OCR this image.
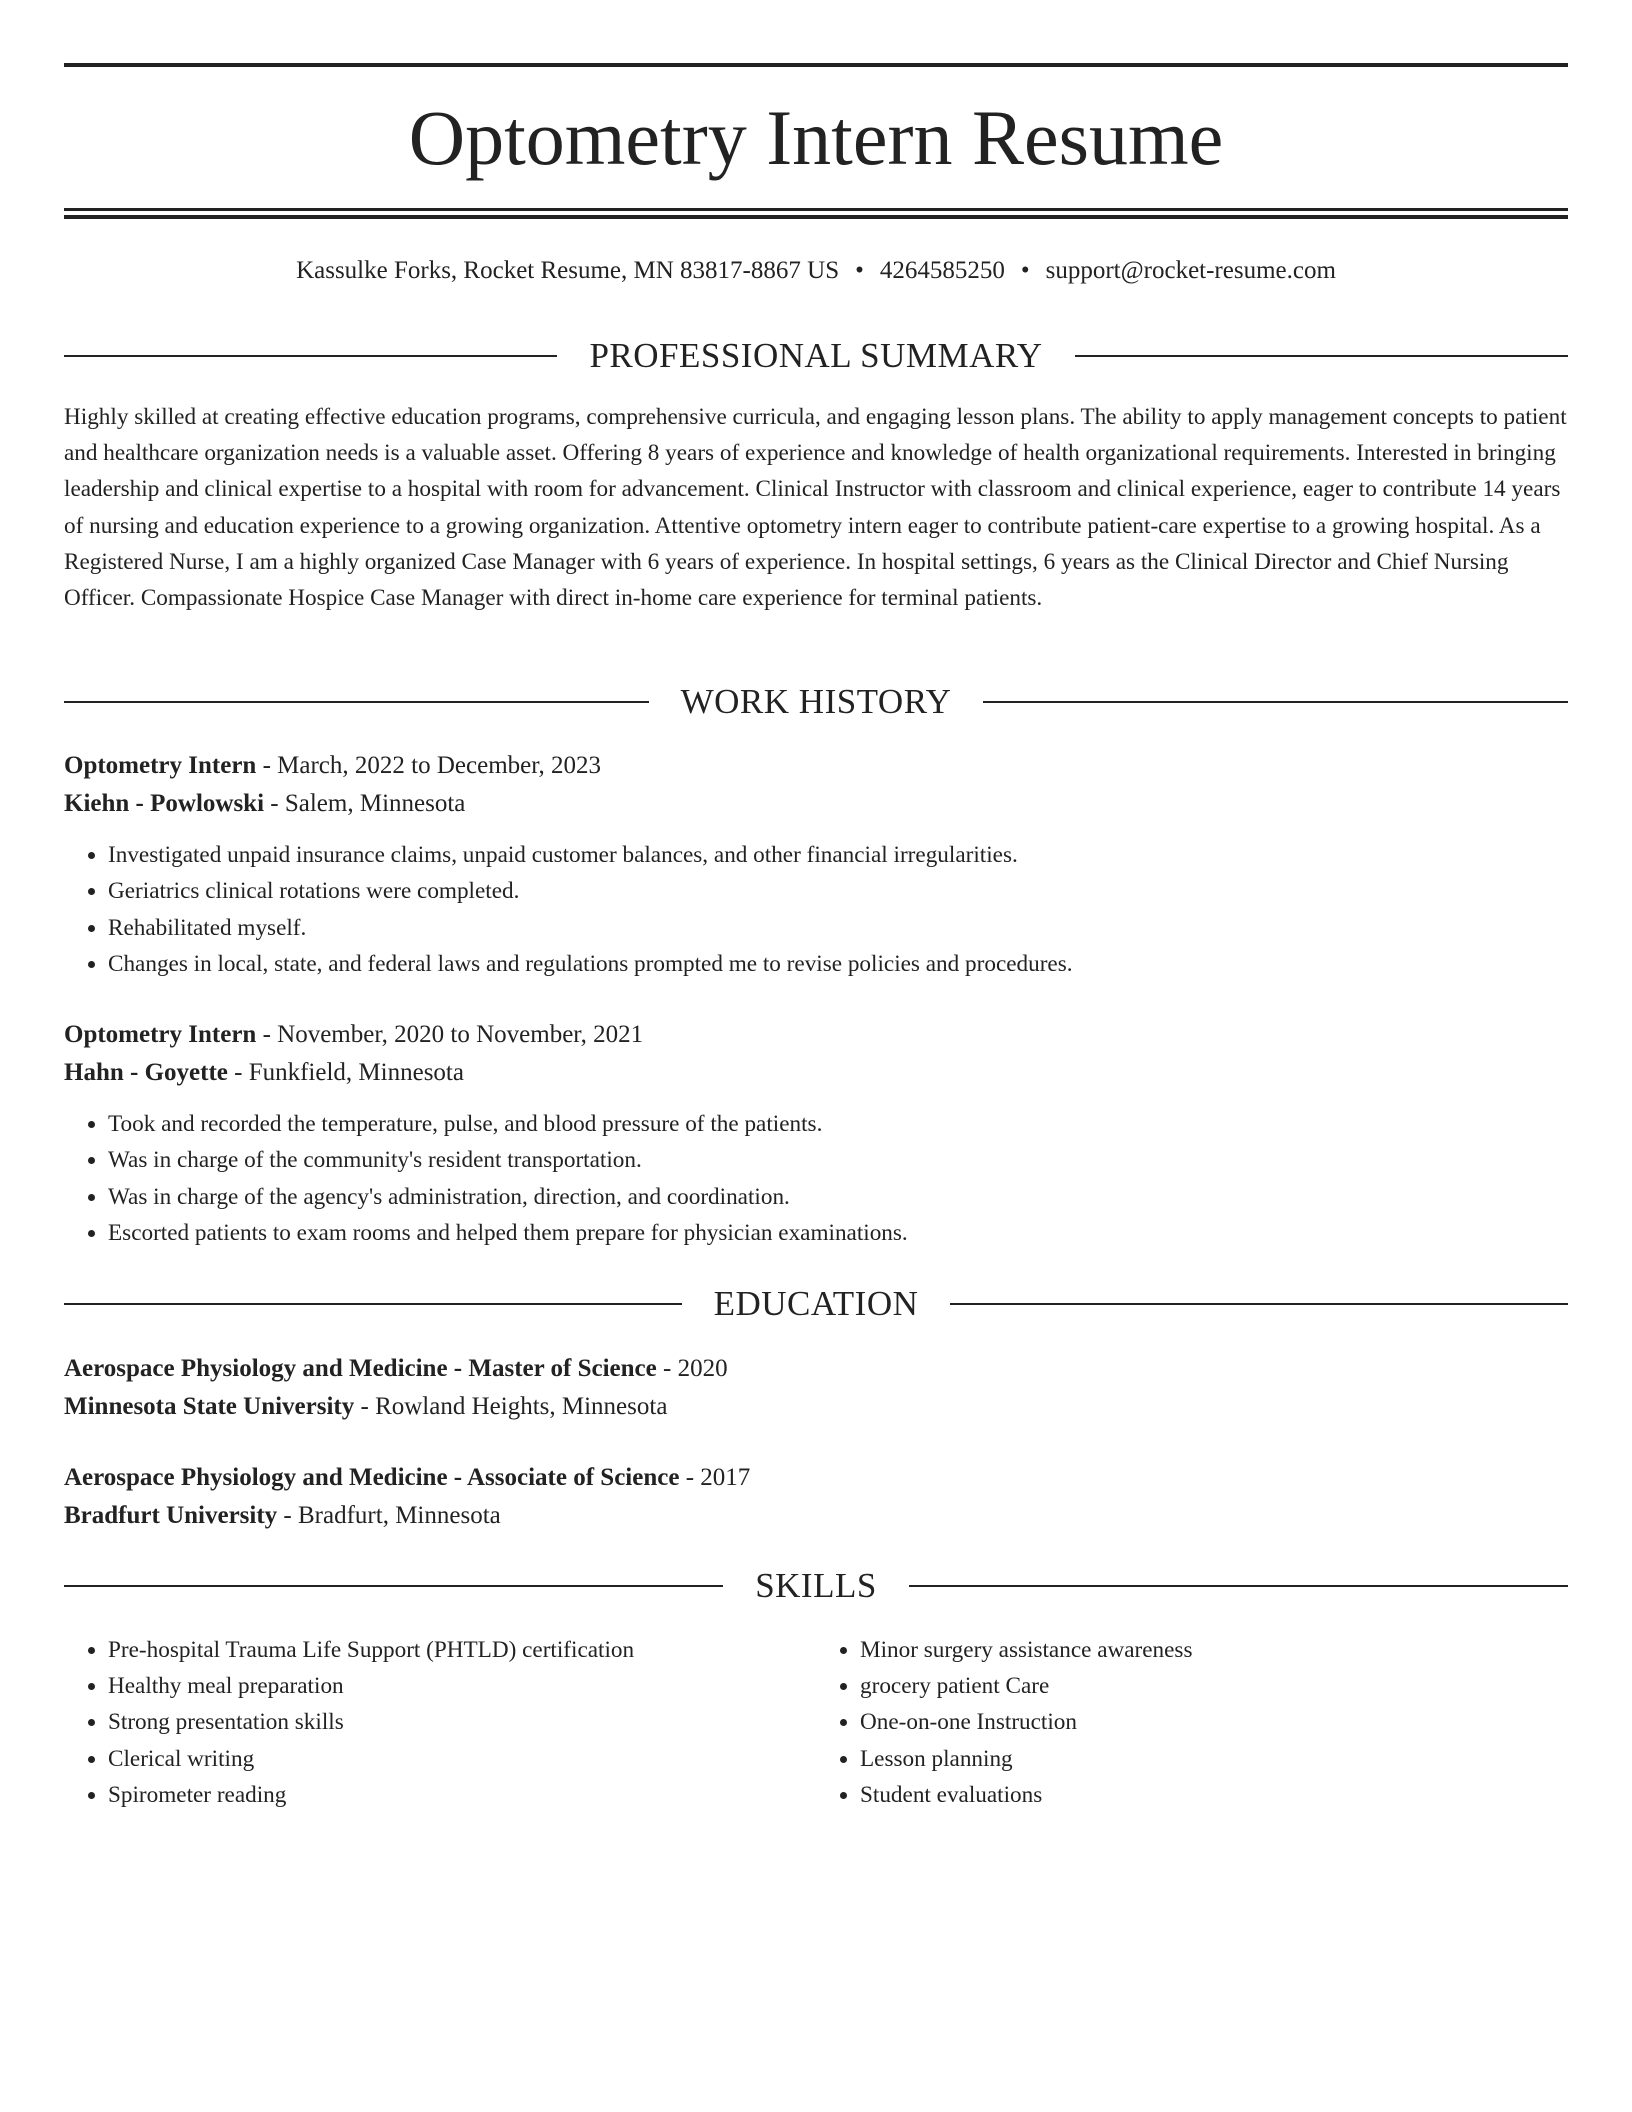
Optometry Intern Resume
Kassulke Forks, Rocket Resume, MN 83817-8867 US • 4264585250 • support@rocket-resume.com
PROFESSIONAL SUMMARY

Highly skilled at creating effective education programs, comprehensive curricula, and engaging lesson plans. The ability to apply management concepts to patient and healthcare organization needs is a valuable asset. Offering 8 years of experience and knowledge of health organizational requirements. Interested in bringing leadership and clinical expertise to a hospital with room for advancement. Clinical Instructor with classroom and clinical experience, eager to contribute 14 years of nursing and education experience to a growing organization. Attentive optometry intern eager to contribute patient-care expertise to a growing hospital. As a Registered Nurse, I am a highly organized Case Manager with 6 years of experience. In hospital settings, 6 years as the Clinical Director and Chief Nursing Officer. Compassionate Hospice Case Manager with direct in-home care experience for terminal patients.

WORK HISTORY
Optometry Intern - March, 2022 to December, 2023
Kiehn - Powlowski - Salem, Minnesota
• Investigated unpaid insurance claims, unpaid customer balances, and other financial irregularities.
• Geriatrics clinical rotations were completed.
• Rehabilitated myself.
• Changes in local, state, and federal laws and regulations prompted me to revise policies and procedures.
Optometry Intern - November, 2020 to November, 2021
Hahn - Goyette - Funkfield, Minnesota
• Took and recorded the temperature, pulse, and blood pressure of the patients.
• Was in charge of the community's resident transportation.
• Was in charge of the agency's administration, direction, and coordination.
• Escorted patients to exam rooms and helped them prepare for physician examinations.
EDUCATION
Aerospace Physiology and Medicine - Master of Science - 2020
Minnesota State University - Rowland Heights, Minnesota
Aerospace Physiology and Medicine - Associate of Science - 2017
Bradfurt University - Bradfurt, Minnesota
SKILLS
• Pre-hospital Trauma Life Support (PHTLD) certification
• Healthy meal preparation
• Strong presentation skills
• Clerical writing
• Spirometer reading
• Minor surgery assistance awareness
• grocery patient Care
• One-on-one Instruction
• Lesson planning
• Student evaluations
